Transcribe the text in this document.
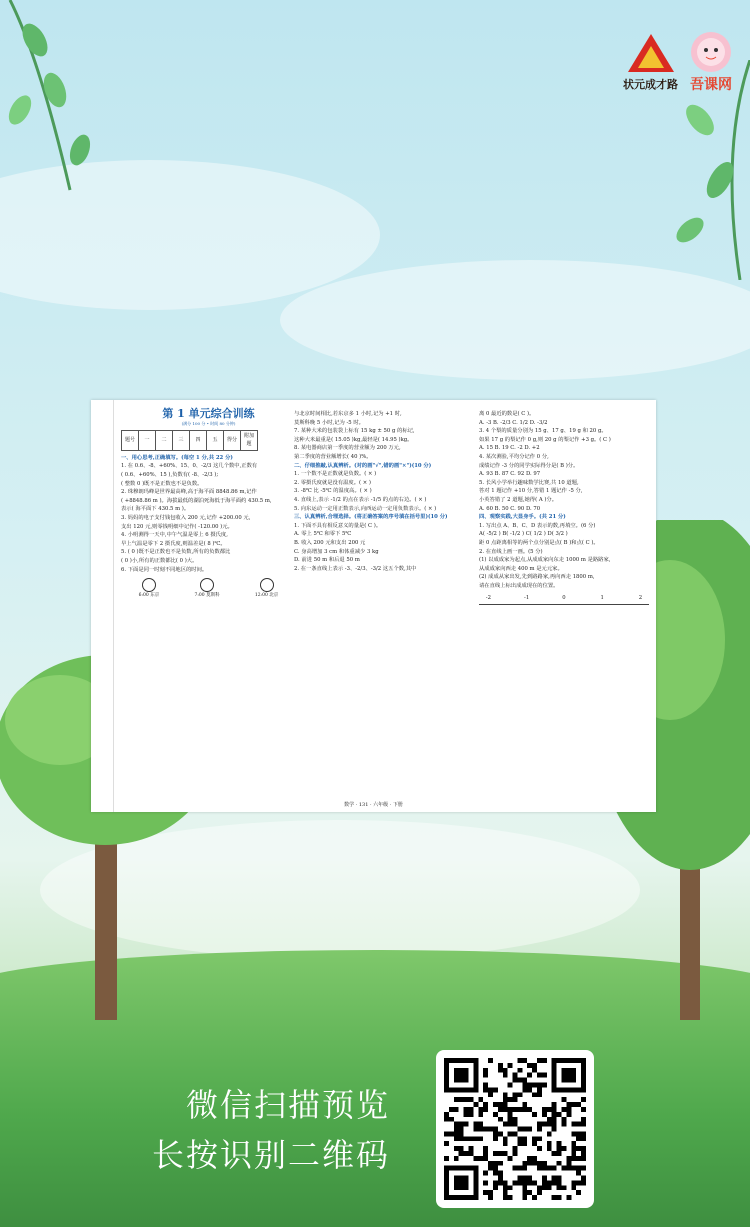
状元成才路 吾课网
第 1 单元综合训练
(满分 100 分 • 时间 80 分钟)
题号	一	二	三	四	五	得分	附加题
一、用心思考,正确填写。(每空 1 分,共 22 分)
1. 在 0.6、-8、+60%、15、0、-2/3 这几个数中,正数有
( 0.6、+60%、15 ),负数有( -8、-2/3 );
( 整数 0 )既不是正数也不是负数。
2. 珠穆朗玛峰是世界最高峰,高于海平面 8848.86 m,记作
( +8848.86 m )。海拔最低的湖泊死海低于海平面约 430.5 m,
表示( 海平面下 430.5 m )。
3. 妈妈的电子支付钱包收入 200 元,记作 +200.00 元,
支出 120 元,则零钱明细中记作( -120.00 )元。
4. 小明测得一天中,中午气温是零上 6 摄氏度,
早上气温是零下 2 摄氏度,则温差是( 8 )℃。
5. ( 0 )既不是正数也不是负数,所有的负数都比
( 0 )小,所有的正数都比( 0 )大。
6. 下面是同一时刻不同地区的时间。
6:00 东京	7:00 莫斯科	12:00 北京
与北京时间相比,若东京多 1 小时,记为 +1 时,
莫斯科晚 5 小时,记为 -5 时。
7. 某种大米的包装袋上标有 15 kg ± 50 g 的标记,
这种大米最重是( 15.05 )kg,最轻是( 14.95 )kg。
8. 某电器商店第一季度的营业额为 200 万元,
第二季度的营业额增长( 40 )%。
二、仔细推敲,认真辨析。(对的画"√",错的画"×")(10 分)
1. 一个数不是正数就是负数。( × )
2. 零摄氏度就是没有温度。( × )
3. -8℃ 比 -5℃ 的温度高。( × )
4. 直线上,表示 -1/2 的点在表示 -1/5 的点的右边。( × )
5. 向东运动一定用正数表示,向西运动一定用负数表示。( × )
三、认真辨析,合理选择。(将正确答案的序号填在括号里)(10 分)
1. 下面不具有相反意义的量是( C )。
A. 零上 5℃ 和零下 5℃
B. 收入 200 元和支出 200 元
C. 身高增加 3 cm 和体重减少 3 kg
D. 前进 50 m 和后退 50 m
2. 在一条直线上表示 -3、-2/3、-3/2 这五个数,其中
离 0 最近的数是( C )。
A. -3 B. -2/3 C. 1/2 D. -3/2
3. 4 个梨的质量分别为 15 g、17 g、19 g 和 20 g。
如果 17 g 的梨记作 0 g,则 20 g 的梨记作 +3 g。( C )
A. 15 B. 19 C. -2 D. +2
4. 某次测验,平均分记作 0 分,
成绩记作 -3 分的同学实际得分是( B )分。
A. 93 B. 87 C. 92 D. 97
5. 长风小学举行趣味数学比赛,共 10 道题,
答对 1 题记作 +10 分,答错 1 题记作 -5 分,
小英答错了 2 道题,她得( A )分。
A. 60 B. 50 C. 90 D. 70
四、观察实践,大显身手。(共 21 分)
1. 写出点 A、B、C、D 表示的数,再填空。(6 分)
A( -5/2 ) B( -1/2 ) C( 1/2 ) D( 3/2 )
距 0 点距离相等的两个点分别是点( B )和点( C )。
2. 在直线上画一画。(5 分)
(1) 以成成家为起点,从成成家向东走 1000 m 是路路家,
从成成家向西走 400 m 是元元家。
(2) 成成从家出发,先到路路家,再向西走 1800 m,
请在直线上标出成成现在的位置。
-2	-1	0	1	2
数学 · 131 · 六年级 · 下册
微信扫描预览
长按识别二维码
